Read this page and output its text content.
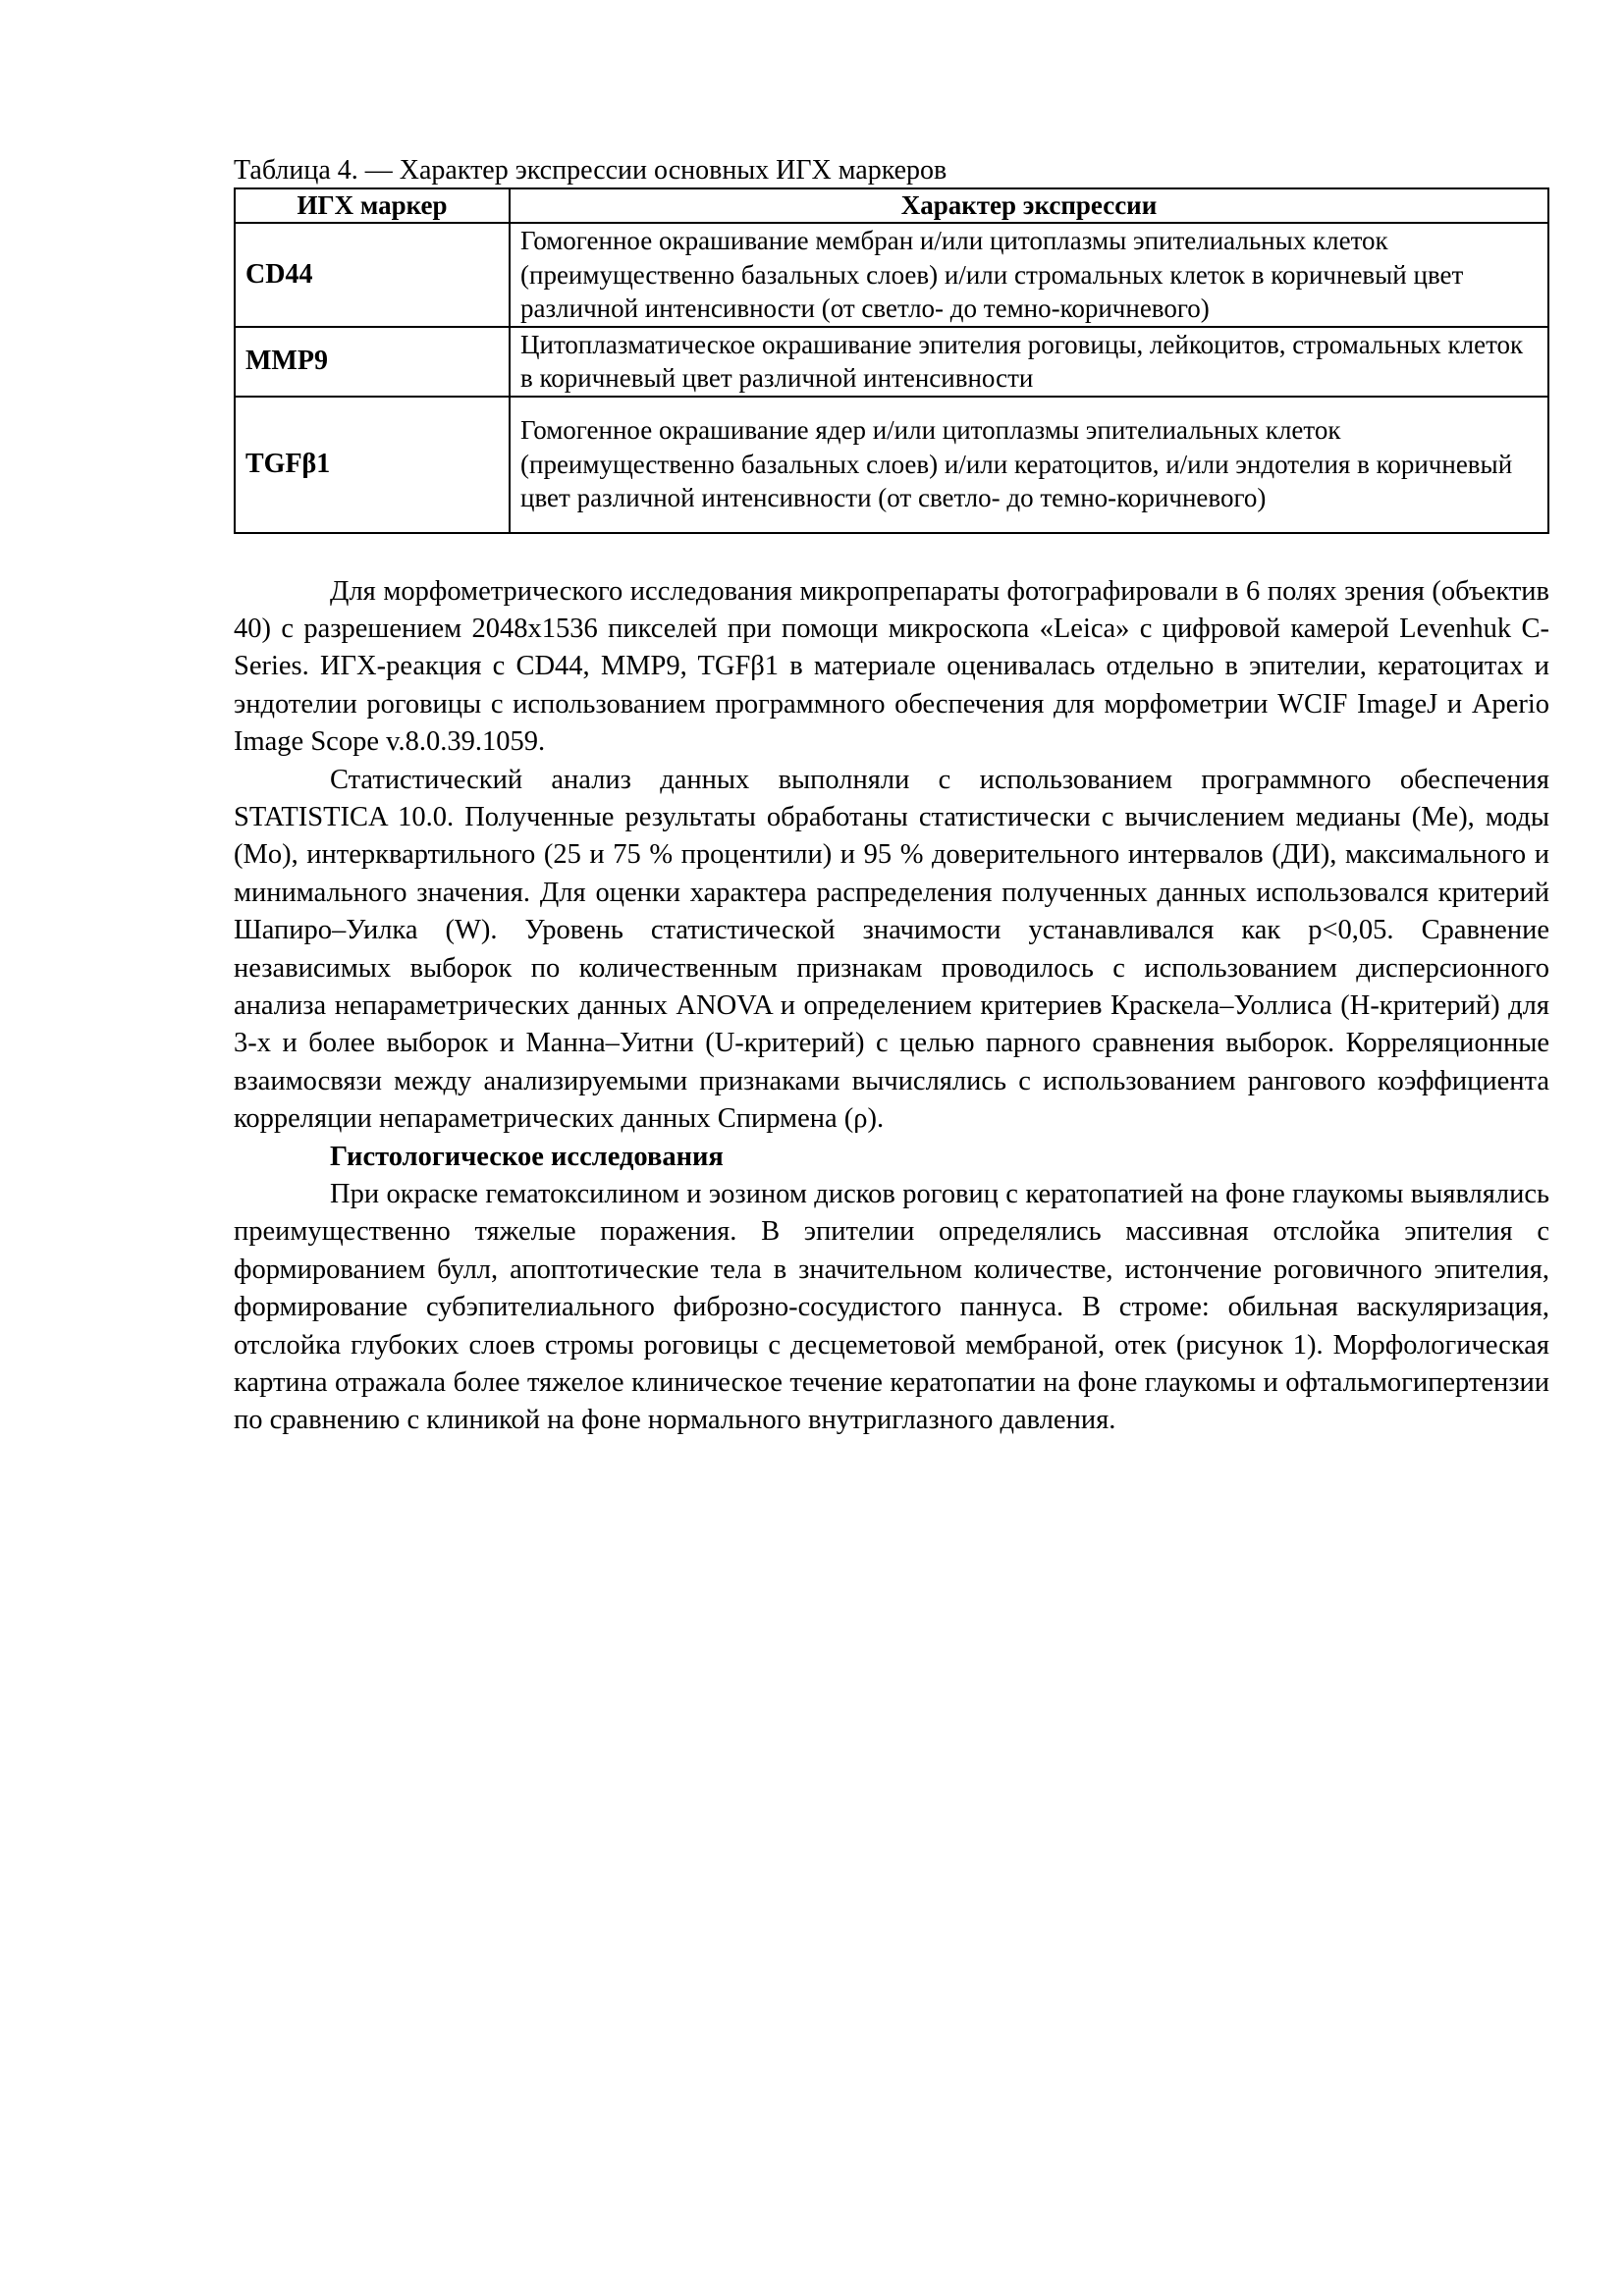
Таблица 4. — Характер экспрессии основных ИГХ маркеров

ИГХ маркер	Характер экспрессии
CD44	Гомогенное окрашивание мембран и/или цитоплазмы эпителиальных клеток (преимущественно базальных слоев) и/или стромальных клеток в коричневый цвет различной интенсивности (от светло- до темно-коричневого)
MMP9	Цитоплазматическое окрашивание эпителия роговицы, лейкоцитов, стромальных клеток в коричневый цвет различной интенсивности
TGFβ1	Гомогенное окрашивание ядер и/или цитоплазмы эпителиальных клеток (преимущественно базальных слоев) и/или кератоцитов, и/или эндотелия в коричневый цвет различной интенсивности (от светло- до темно-коричневого)

Для морфометрического исследования микропрепараты фотографировали в 6 полях зрения (объектив 40) с разрешением 2048x1536 пикселей при помощи микроскопа «Leica» с цифровой камерой Levenhuk C-Series. ИГХ-реакция с CD44, MMP9, TGFβ1 в материале оценивалась отдельно в эпителии, кератоцитах и эндотелии роговицы с использованием программного обеспечения для морфометрии WCIF ImageJ и Aperio Image Scope v.8.0.39.1059.

Статистический анализ данных выполняли с использованием программного обеспечения STATISTICA 10.0. Полученные результаты обработаны статистически с вычислением медианы (Me), моды (Mo), интерквартильного (25 и 75 % процентили) и 95 % доверительного интервалов (ДИ), максимального и минимального значения. Для оценки характера распределения полученных данных использовался критерий Шапиро–Уилка (W). Уровень статистической значимости устанавливался как p<0,05. Сравнение независимых выборок по количественным признакам проводилось с использованием дисперсионного анализа непараметрических данных ANOVA и определением критериев Краскела–Уоллиса (H-критерий) для 3-х и более выборок и Манна–Уитни (U-критерий) с целью парного сравнения выборок. Корреляционные взаимосвязи между анализируемыми признаками вычислялись с использованием рангового коэффициента корреляции непараметрических данных Спирмена (ρ).

Гистологическое исследования

При окраске гематоксилином и эозином дисков роговиц с кератопатией на фоне глаукомы выявлялись преимущественно тяжелые поражения. В эпителии определялись массивная отслойка эпителия с формированием булл, апоптотические тела в значительном количестве, истончение роговичного эпителия, формирование субэпителиального фиброзно-сосудистого паннуса. В строме: обильная васкуляризация, отслойка глубоких слоев стромы роговицы с десцеметовой мембраной, отек (рисунок 1). Морфологическая картина отражала более тяжелое клиническое течение кератопатии на фоне глаукомы и офтальмогипертензии по сравнению с клиникой на фоне нормального внутриглазного давления.
